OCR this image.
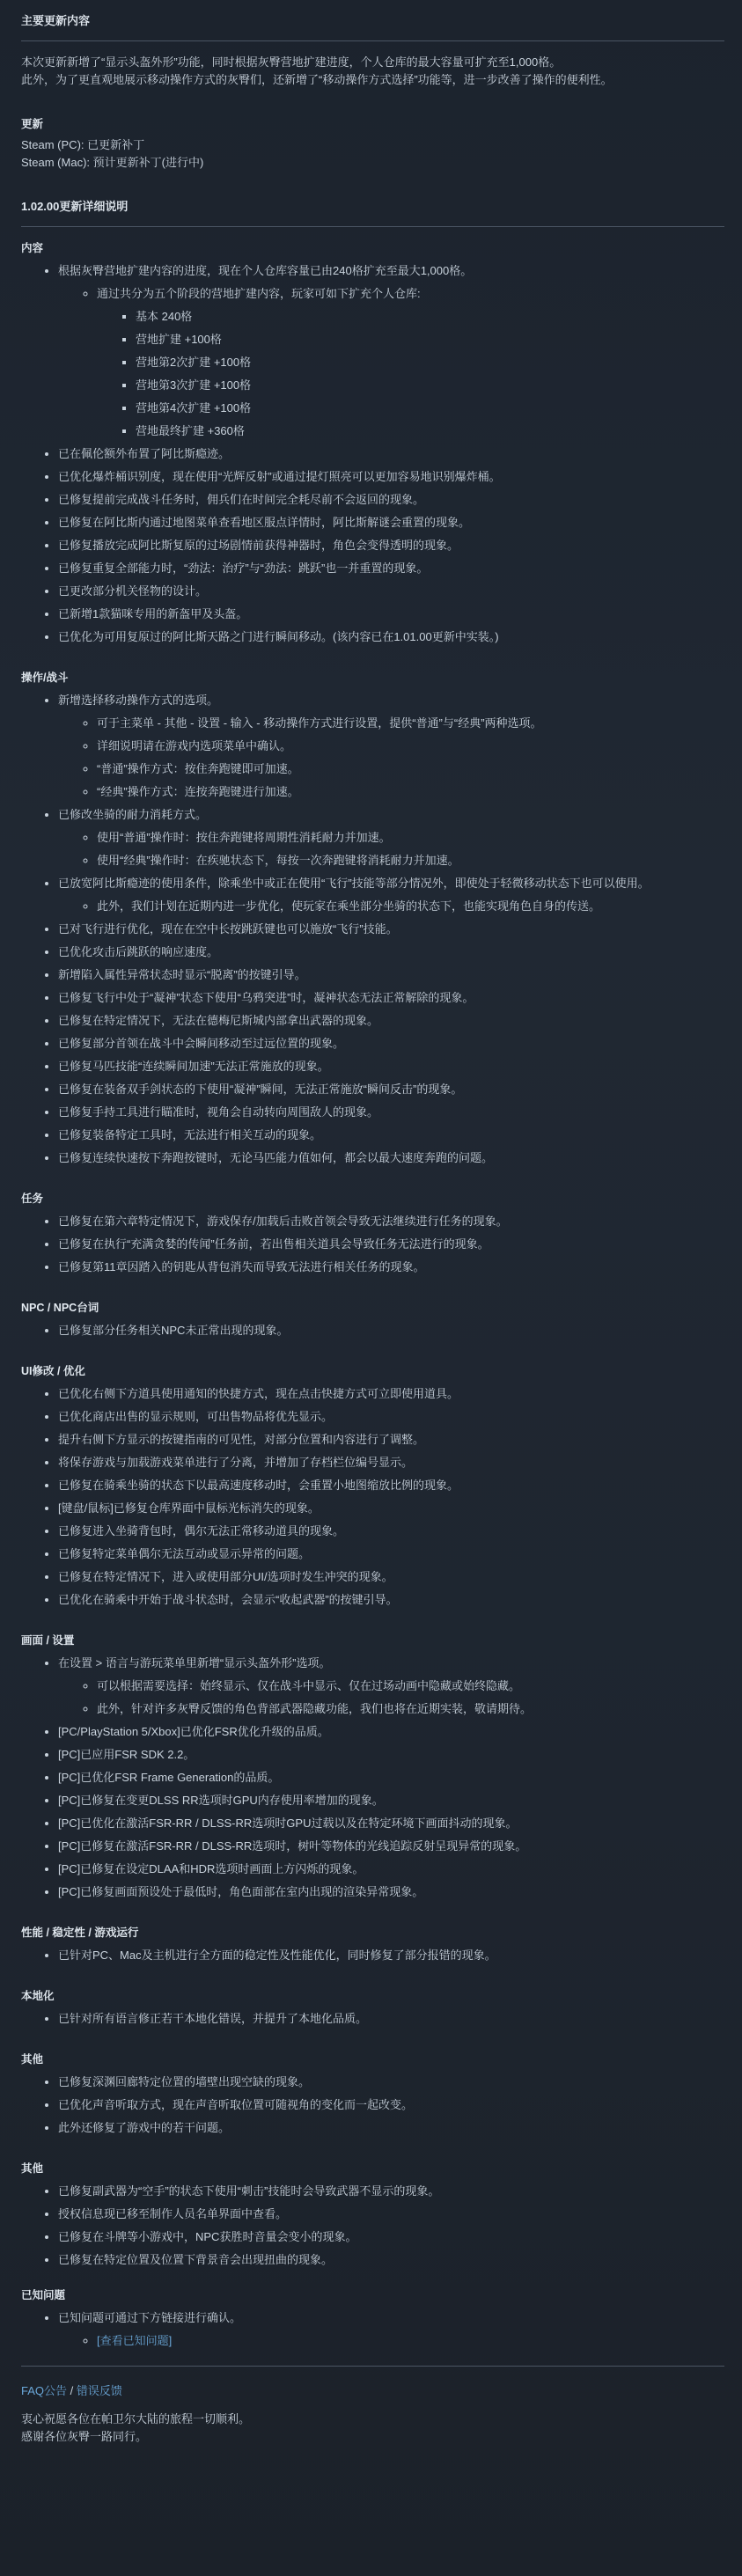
主要更新内容

本次更新新增了“显示头盔外形”功能，同时根据灰臀营地扩建进度，个人仓库的最大容量可扩充至1,000格。

此外，为了更直观地展示移动操作方式的灰臀们，还新增了“移动操作方式选择”功能等，进一步改善了操作的便利性。

更新

Steam (PC): 已更新补丁

Steam (Mac): 预计更新补丁(进行中)

1.02.00更新详细说明
内容
• 根据灰臀营地扩建内容的进度，现在个人仓库容量已由240格扩充至最大1,000格。
◦ 通过共分为五个阶段的营地扩建内容，玩家可如下扩充个人仓库:
▪ 基本 240格
▪ 营地扩建 +100格
▪ 营地第2次扩建 +100格
▪ 营地第3次扩建 +100格
▪ 营地第4次扩建 +100格
▪ 营地最终扩建 +360格
• 已在佩伦额外布置了阿比斯瘾迹。
• 已优化爆炸桶识别度，现在使用“光辉反射”或通过提灯照亮可以更加容易地识别爆炸桶。
• 已修复提前完成战斗任务时，佣兵们在时间完全耗尽前不会返回的现象。
• 已修复在阿比斯内通过地图菜单查看地区服点详情时，阿比斯解谜会重置的现象。
• 已修复播放完成阿比斯复原的过场剧情前获得神器时，角色会变得透明的现象。
• 已修复重复全部能力时，“劲法：治疗”与“劲法：跳跃”也一并重置的现象。
• 已更改部分机关怪物的设计。
• 已新增1款猫咪专用的新盔甲及头盔。
• 已优化为可用复原过的阿比斯天路之门进行瞬间移动。(该内容已在1.01.00更新中实装。)
操作/战斗
• 新增选择移动操作方式的选项。
◦ 可于主菜单 - 其他 - 设置 - 输入 - 移动操作方式进行设置，提供“普通”与“经典”两种选项。
◦ 详细说明请在游戏内选项菜单中确认。
◦ “普通”操作方式：按住奔跑键即可加速。
◦ “经典”操作方式：连按奔跑键进行加速。
• 已修改坐骑的耐力消耗方式。
◦ 使用“普通”操作时：按住奔跑键将周期性消耗耐力并加速。
◦ 使用“经典”操作时：在疾驰状态下，每按一次奔跑键将消耗耐力并加速。
• 已放宽阿比斯瘾迹的使用条件，除乘坐中或正在使用“飞行”技能等部分情况外，即使处于轻微移动状态下也可以使用。
◦ 此外，我们计划在近期内进一步优化，使玩家在乘坐部分坐骑的状态下，也能实现角色自身的传送。
• 已对飞行进行优化，现在在空中长按跳跃键也可以施放“飞行”技能。
• 已优化攻击后跳跃的响应速度。
• 新增陷入属性异常状态时显示“脱离”的按键引导。
• 已修复飞行中处于“凝神”状态下使用“乌鸦突进”时，凝神状态无法正常解除的现象。
• 已修复在特定情况下，无法在德梅尼斯城内部拿出武器的现象。
• 已修复部分首领在战斗中会瞬间移动至过远位置的现象。
• 已修复马匹技能“连续瞬间加速”无法正常施放的现象。
• 已修复在装备双手剑状态的下使用“凝神”瞬间，无法正常施放“瞬间反击”的现象。
• 已修复手持工具进行瞄准时，视角会自动转向周围敌人的现象。
• 已修复装备特定工具时，无法进行相关互动的现象。
• 已修复连续快速按下奔跑按键时，无论马匹能力值如何，都会以最大速度奔跑的问题。
任务
• 已修复在第六章特定情况下，游戏保存/加载后击败首领会导致无法继续进行任务的现象。
• 已修复在执行“充满贪婪的传闻”任务前，若出售相关道具会导致任务无法进行的现象。
• 已修复第11章因踏入的钥匙从背包消失而导致无法进行相关任务的现象。
NPC / NPC台词
• 已修复部分任务相关NPC未正常出现的现象。
UI修改 / 优化
• 已优化右侧下方道具使用通知的快捷方式，现在点击快捷方式可立即使用道具。
• 已优化商店出售的显示规则，可出售物品将优先显示。
• 提升右侧下方显示的按键指南的可见性，对部分位置和内容进行了调整。
• 将保存游戏与加载游戏菜单进行了分离，并增加了存档栏位编号显示。
• 已修复在骑乘坐骑的状态下以最高速度移动时，会重置小地图缩放比例的现象。
• [键盘/鼠标]已修复仓库界面中鼠标光标消失的现象。
• 已修复进入坐骑背包时，偶尔无法正常移动道具的现象。
• 已修复特定菜单偶尔无法互动或显示异常的问题。
• 已修复在特定情况下，进入或使用部分UI/选项时发生冲突的现象。
• 已优化在骑乘中开始于战斗状态时，会显示“收起武器”的按键引导。
画面 / 设置
• 在设置 > 语言与游玩菜单里新增“显示头盔外形”选项。
◦ 可以根据需要选择：始终显示、仅在战斗中显示、仅在过场动画中隐藏或始终隐藏。
◦ 此外，针对许多灰臀反馈的角色背部武器隐藏功能，我们也将在近期实装，敬请期待。
• [PC/PlayStation 5/Xbox]已优化FSR优化升级的品质。
• [PC]已应用FSR SDK 2.2。
• [PC]已优化FSR Frame Generation的品质。
• [PC]已修复在变更DLSS RR选项时GPU内存使用率增加的现象。
• [PC]已优化在激活FSR-RR / DLSS-RR选项时GPU过载以及在特定环境下画面抖动的现象。
• [PC]已修复在激活FSR-RR / DLSS-RR选项时，树叶等物体的光线追踪反射呈现异常的现象。
• [PC]已修复在设定DLAA和HDR选项时画面上方闪烁的现象。
• [PC]已修复画面预设处于最低时，角色面部在室内出现的渲染异常现象。
性能 / 稳定性 / 游戏运行
• 已针对PC、Mac及主机进行全方面的稳定性及性能优化，同时修复了部分报错的现象。
本地化
• 已针对所有语言修正若干本地化错误，并提升了本地化品质。
其他
• 已修复深渊回廊特定位置的墙壁出现空缺的现象。
• 已优化声音听取方式，现在声音听取位置可随视角的变化而一起改变。
• 此外还修复了游戏中的若干问题。
其他
• 已修复副武器为“空手”的状态下使用“刺击”技能时会导致武器不显示的现象。
• 授权信息现已移至制作人员名单界面中查看。
• 已修复在斗牌等小游戏中，NPC获胜时音量会变小的现象。
• 已修复在特定位置及位置下背景音会出现扭曲的现象。
已知问题
• 已知问题可通过下方链接进行确认。
◦ [查看已知问题]

FAQ公告 / 错误反馈

衷心祝愿各位在帕卫尔大陆的旅程一切顺利。

感谢各位灰臀一路同行。
